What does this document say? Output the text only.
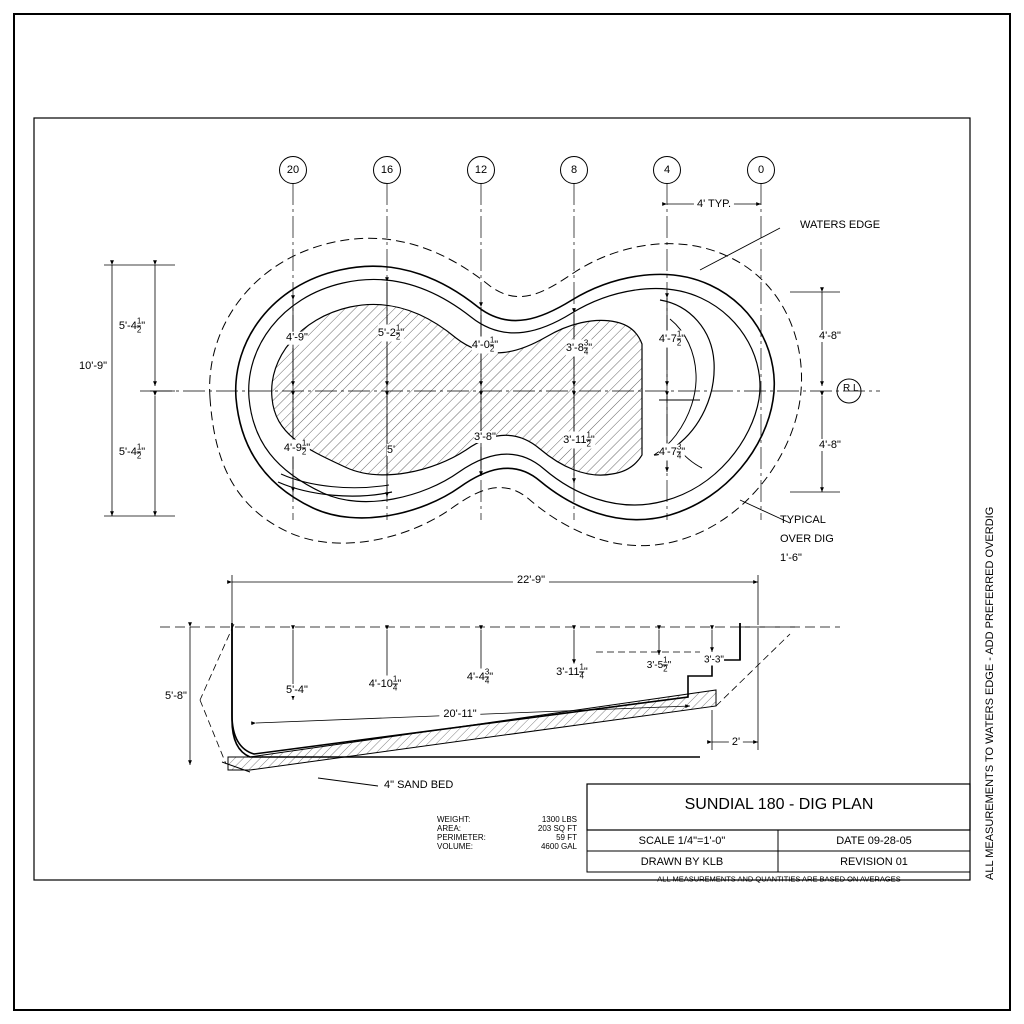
20	16	12	8	4	0
4' TYP.
WATERS EDGE
TYPICAL
OVER DIG
1'-6"
R L
4" SAND BED	ALL MEASUREMENTS TO WATERS EDGE - ADD PREFERRED OVERDIG
$5'-4 \frac{1}{2}$ "
$5'-4 \frac{1}{2}$ "
10'-9"
4'-8"
4'-8"
4'-9"	$5'-2 \frac{1}{2}$ "
$4'-0 \frac{1}{2}$ "	$3'-8 \frac{3}{4}$ "
$4'-7 \frac{1}{2}$ "
$4'-9 \frac{1}{2}$ "	5'
3'-8"	$3'-11 \frac{1}{2}$ "
$4'-7 \frac{3}{4}$ "
22'-9"
20'-11"
5'-8"
2'
5'-4"
$4'-10 \frac{1}{4}$ "
$4'-4 \frac{3}{4}$ "	$3'-11 \frac{1}{4}$ "
$3'-5 \frac{1}{2}$ "	3'-3"
WEIGHT:	1300 LBS
AREA:	203 SQ FT
PERIMETER:	59 FT
VOLUME:	4600 GAL
SUNDIAL 180 - DIG PLAN
SCALE 1/4"=1'-0"	DATE 09-28-05
DRAWN BY KLB	REVISION 01
ALL MEASUREMENTS AND QUANTITIES ARE BASED ON AVERAGES
